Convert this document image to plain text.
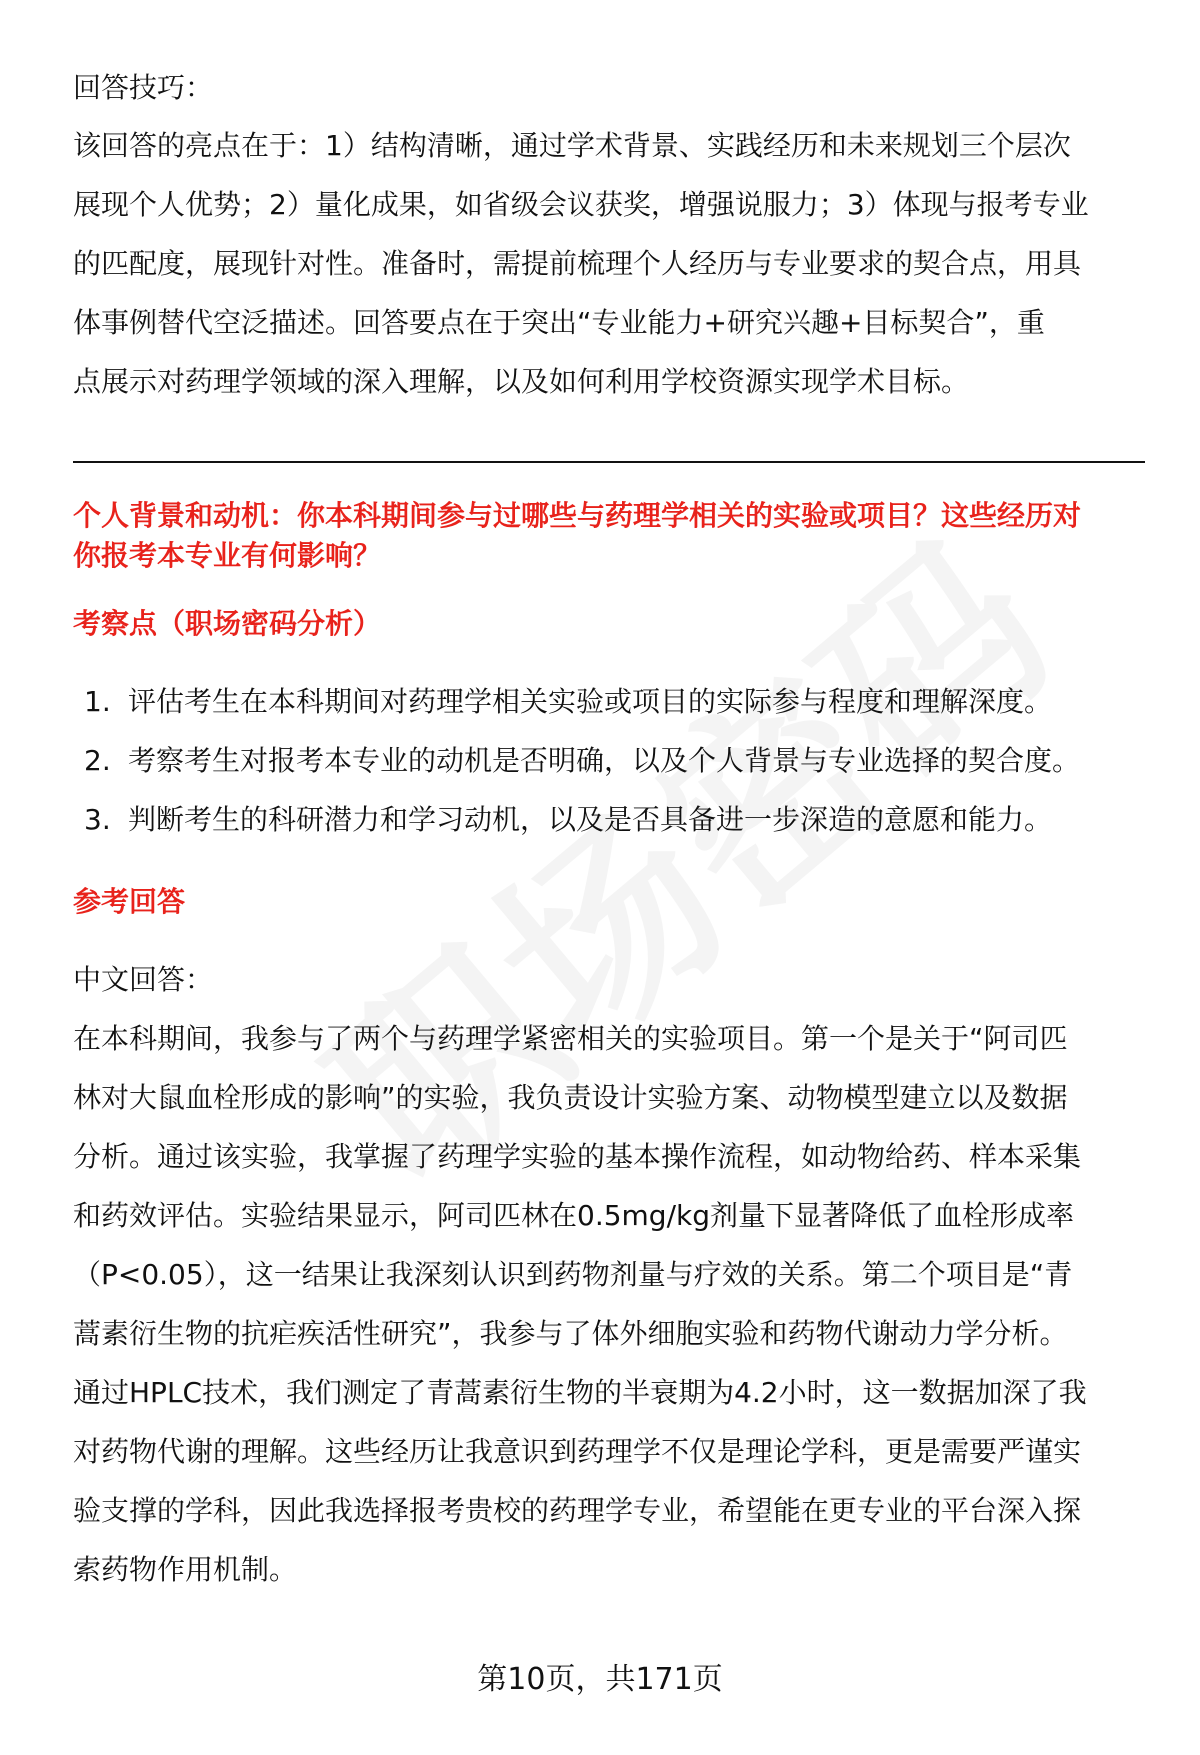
回答技巧：
该回答的亮点在于：1）结构清晰，通过学术背景、实践经历和未来规划三个层次
展现个人优势；2）量化成果，如省级会议获奖，增强说服力；3）体现与报考专业
的匹配度，展现针对性。准备时，需提前梳理个人经历与专业要求的契合点，用具
体事例替代空泛描述。回答要点在于突出“专业能力+研究兴趣+目标契合”，重
点展示对药理学领域的深入理解，以及如何利用学校资源实现学术目标。
个人背景和动机：你本科期间参与过哪些与药理学相关的实验或项目？这些经历对
你报考本专业有何影响？
考察点（职场密码分析）
1. 评估考生在本科期间对药理学相关实验或项目的实际参与程度和理解深度。
2. 考察考生对报考本专业的动机是否明确，以及个人背景与专业选择的契合度。
3. 判断考生的科研潜力和学习动机，以及是否具备进一步深造的意愿和能力。
参考回答
中文回答：
在本科期间，我参与了两个与药理学紧密相关的实验项目。第一个是关于“阿司匹
林对大鼠血栓形成的影响”的实验，我负责设计实验方案、动物模型建立以及数据
分析。通过该实验，我掌握了药理学实验的基本操作流程，如动物给药、样本采集
和药效评估。实验结果显示，阿司匹林在0.5mg/kg剂量下显著降低了血栓形成率
（P<0.05），这一结果让我深刻认识到药物剂量与疗效的关系。第二个项目是“青
蒿素衍生物的抗疟疾活性研究”，我参与了体外细胞实验和药物代谢动力学分析。
通过HPLC技术，我们测定了青蒿素衍生物的半衰期为4.2小时，这一数据加深了我
对药物代谢的理解。这些经历让我意识到药理学不仅是理论学科，更是需要严谨实
验支撑的学科，因此我选择报考贵校的药理学专业，希望能在更专业的平台深入探
索药物作用机制。
第10页，共171页
